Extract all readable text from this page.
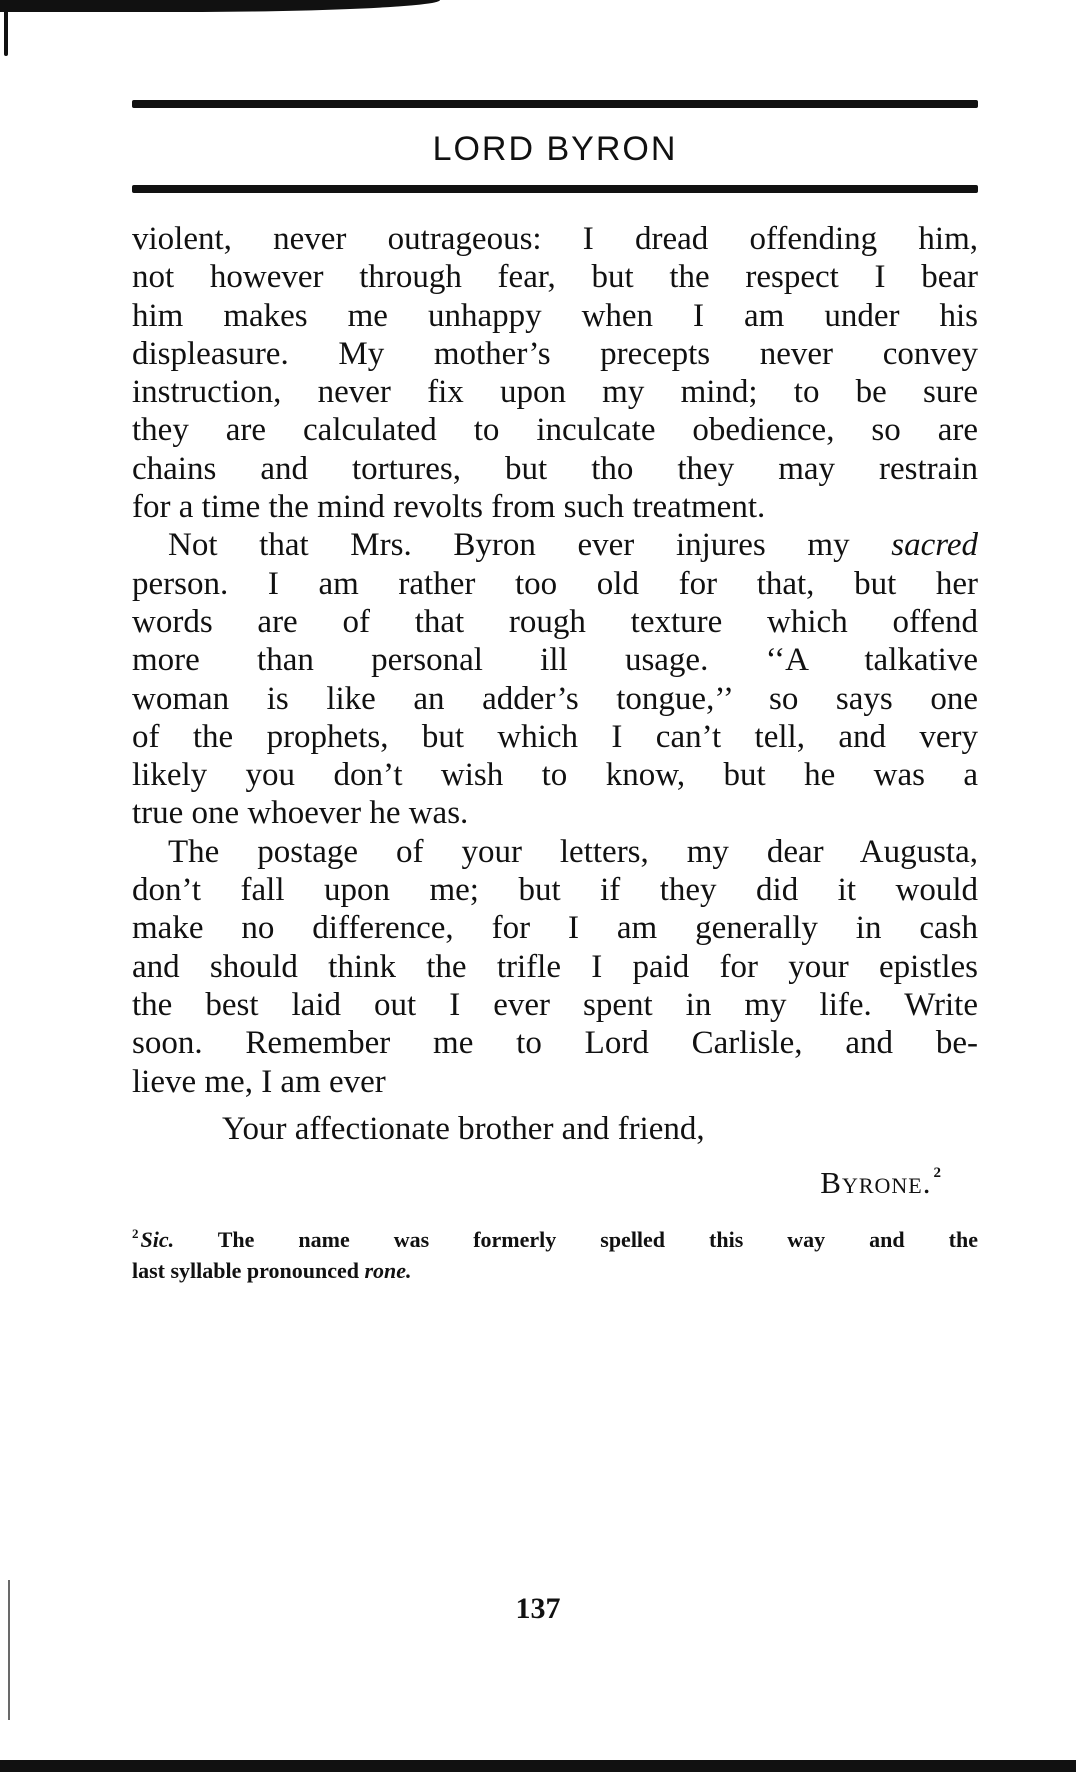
LORD BYRON
violent, never outrageous: I dread offending him,
not however through fear, but the respect I bear
him makes me unhappy when I am under his
displeasure. My mother’s precepts never convey
instruction, never fix upon my mind; to be sure
they are calculated to inculcate obedience, so are
chains and tortures, but tho they may restrain
for a time the mind revolts from such treatment.
Not that Mrs. Byron ever injures my sacred
person. I am rather too old for that, but her
words are of that rough texture which offend
more than personal ill usage. ‘‘A talkative
woman is like an adder’s tongue,’’ so says one
of the prophets, but which I can’t tell, and very
likely you don’t wish to know, but he was a
true one whoever he was.
The postage of your letters, my dear Augusta,
don’t fall upon me; but if they did it would
make no difference, for I am generally in cash
and should think the trifle I paid for your epistles
the best laid out I ever spent in my life. Write
soon. Remember me to Lord Carlisle, and be-
lieve me, I am ever
Your affectionate brother and friend,
Byrone. $^2$
$^2$Sic. The name was formerly spelled this way and the
last syllable pronounced rone.
137
